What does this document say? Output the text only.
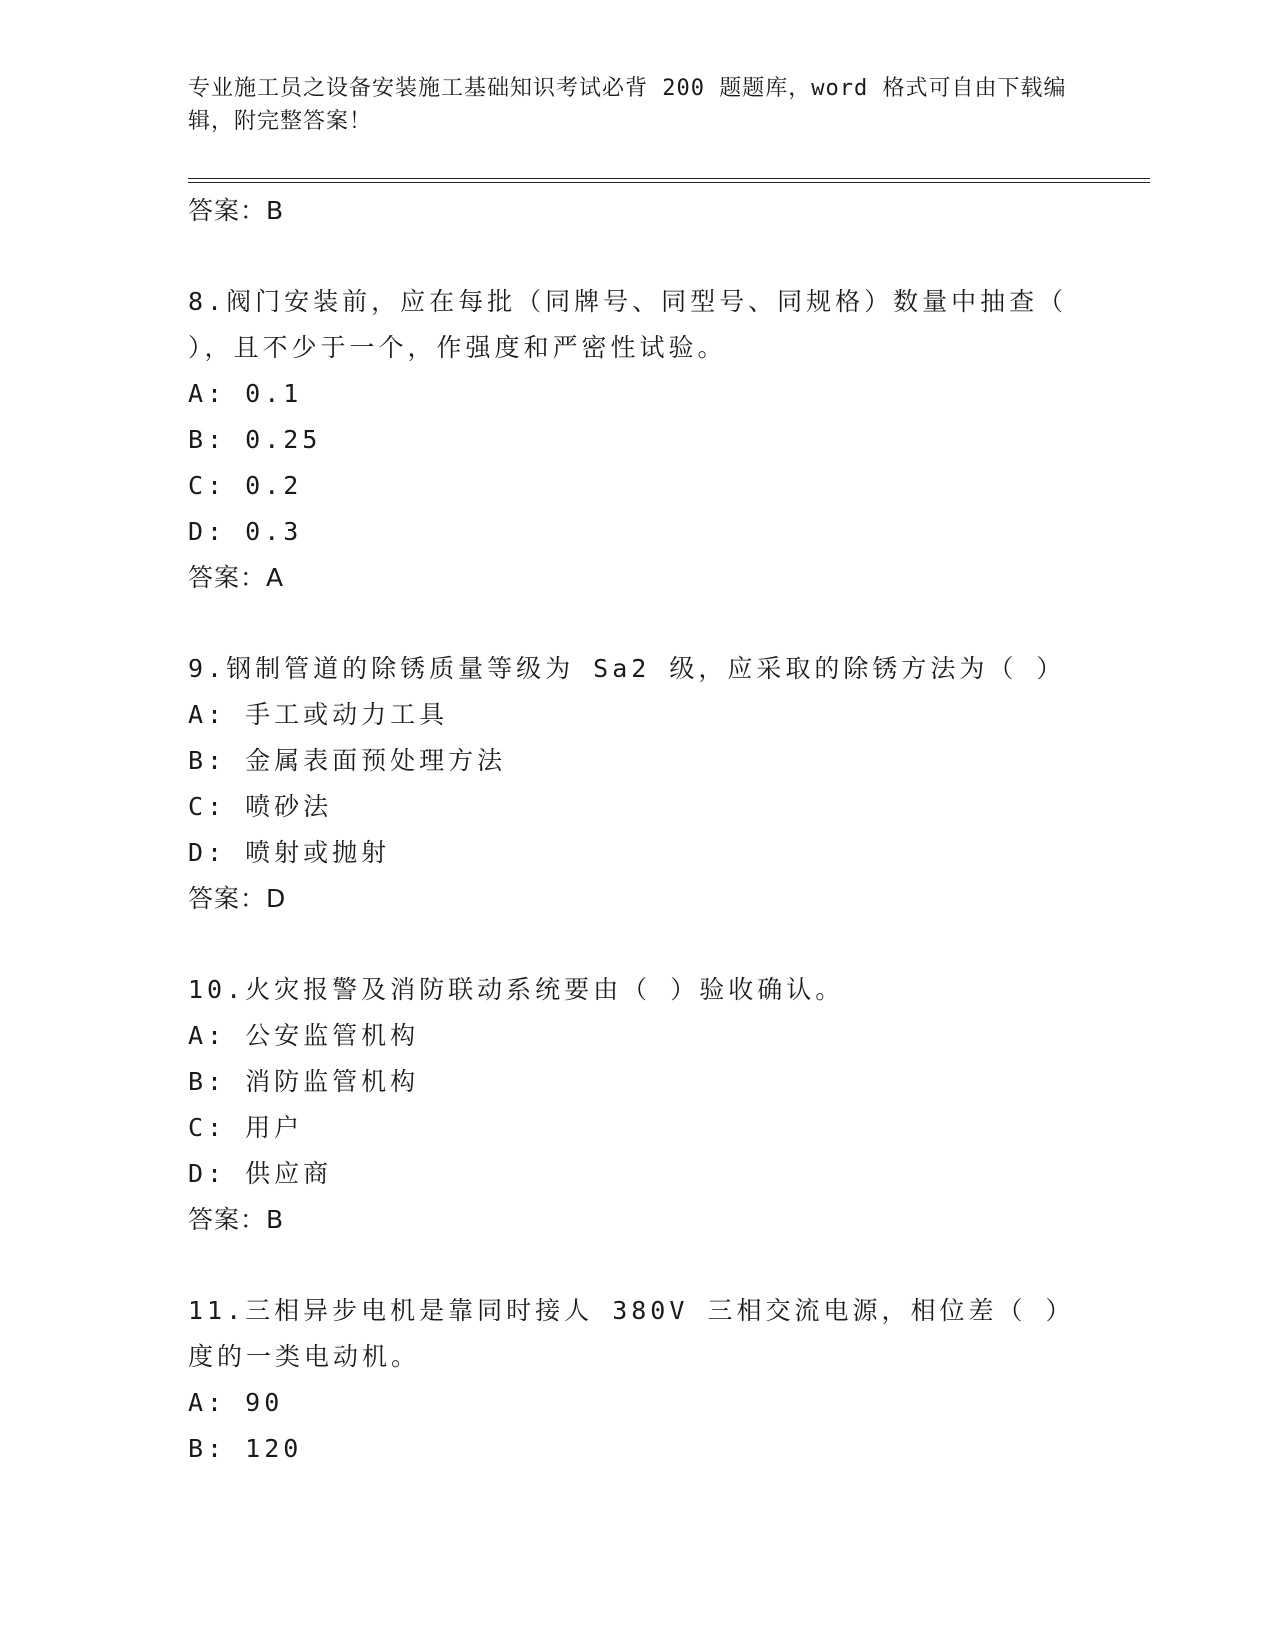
专业施工员之设备安装施工基础知识考试必背 200 题题库，word 格式可自由下载编辑，附完整答案！
答案：B
8.阀门安装前，应在每批（同牌号、同型号、同规格）数量中抽查（ ），且不少于一个，作强度和严密性试验。
A: 0.1
B: 0.25
C: 0.2
D: 0.3
答案：A
9.钢制管道的除锈质量等级为 Sa2 级，应采取的除锈方法为（ ）
A: 手工或动力工具
B: 金属表面预处理方法
C: 喷砂法
D: 喷射或抛射
答案：D
10.火灾报警及消防联动系统要由（ ）验收确认。
A: 公安监管机构
B: 消防监管机构
C: 用户
D: 供应商
答案：B
11.三相异步电机是靠同时接人 380V 三相交流电源，相位差（ ）度的一类电动机。
A: 90
B: 120
